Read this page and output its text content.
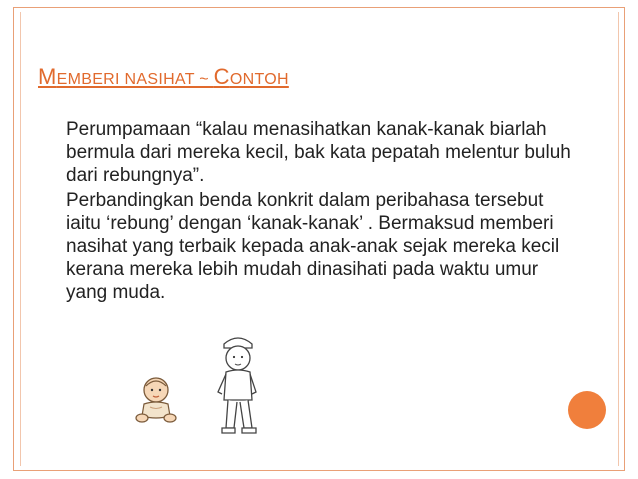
MEMBERI NASIHAT ~ CONTOH
Perumpamaan “kalau menasihatkan kanak-kanak biarlah bermula dari mereka kecil, bak kata pepatah melentur buluh dari rebungnya”.
Perbandingkan benda konkrit dalam peribahasa tersebut iaitu ‘rebung’ dengan ‘kanak-kanak’ . Bermaksud memberi nasihat yang terbaik kepada anak-anak sejak mereka kecil kerana mereka lebih mudah dinasihati pada waktu umur yang muda.
